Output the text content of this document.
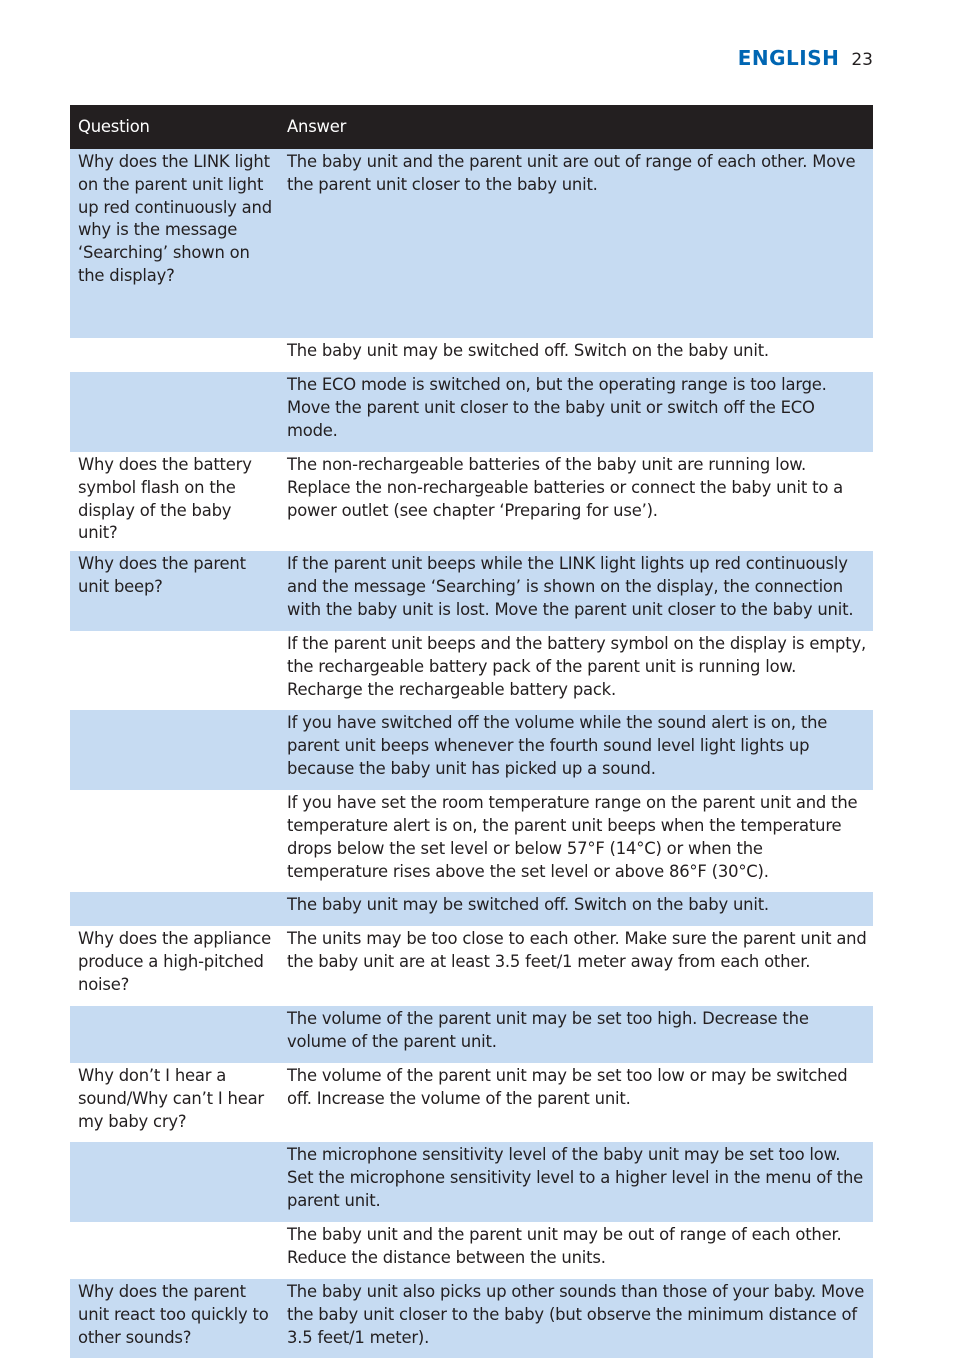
ENGLISH 23
Question	Answer
Why does the LINK light on the parent unit light up red continuously and why is the message ‘Searching’ shown on the display?	The baby unit and the parent unit are out of range of each other. Move the parent unit closer to the baby unit.
	The baby unit may be switched off. Switch on the baby unit.
	The ECO mode is switched on, but the operating range is too large. Move the parent unit closer to the baby unit or switch off the ECO mode.
Why does the battery symbol flash on the display of the baby unit?	The non-rechargeable batteries of the baby unit are running low. Replace the non-rechargeable batteries or connect the baby unit to a power outlet (see chapter ‘Preparing for use’).
Why does the parent unit beep?	If the parent unit beeps while the LINK light lights up red continuously and the message ‘Searching’ is shown on the display, the connection with the baby unit is lost. Move the parent unit closer to the baby unit.
	If the parent unit beeps and the battery symbol on the display is empty, the rechargeable battery pack of the parent unit is running low. Recharge the rechargeable battery pack.
	If you have switched off the volume while the sound alert is on, the parent unit beeps whenever the fourth sound level light lights up because the baby unit has picked up a sound.
	If you have set the room temperature range on the parent unit and the temperature alert is on, the parent unit beeps when the temperature drops below the set level or below 57°F (14°C) or when the temperature rises above the set level or above 86°F (30°C).
	The baby unit may be switched off. Switch on the baby unit.
Why does the appliance produce a high-pitched noise?	The units may be too close to each other. Make sure the parent unit and the baby unit are at least 3.5 feet/1 meter away from each other.
	The volume of the parent unit may be set too high. Decrease the volume of the parent unit.
Why don’t I hear a sound/Why can’t I hear my baby cry?	The volume of the parent unit may be set too low or may be switched off. Increase the volume of the parent unit.
	The microphone sensitivity level of the baby unit may be set too low. Set the microphone sensitivity level to a higher level in the menu of the parent unit.
	The baby unit and the parent unit may be out of range of each other. Reduce the distance between the units.
Why does the parent unit react too quickly to other sounds?	The baby unit also picks up other sounds than those of your baby. Move the baby unit closer to the baby (but observe the minimum distance of 3.5 feet/1 meter).
